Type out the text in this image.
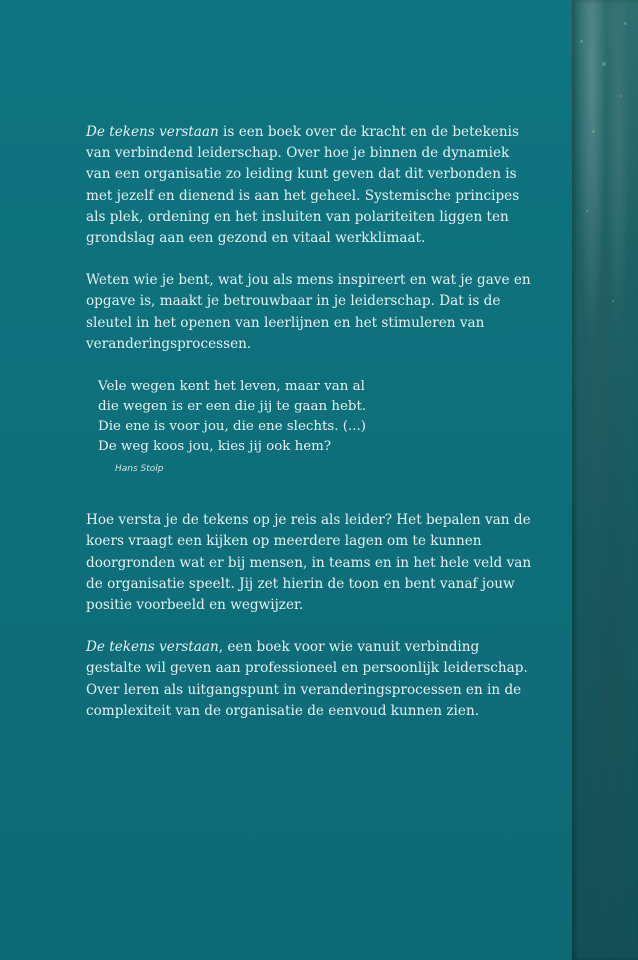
De tekens verstaan is een boek over de kracht en de betekenis van verbindend leiderschap. Over hoe je binnen de dynamiek van een organisatie zo leiding kunt geven dat dit verbonden is met jezelf en dienend is aan het geheel. Systemische principes als plek, ordening en het insluiten van polariteiten liggen ten grondslag aan een gezond en vitaal werkklimaat.

Weten wie je bent, wat jou als mens inspireert en wat je gave en opgave is, maakt je betrouwbaar in je leiderschap. Dat is de sleutel in het openen van leerlijnen en het stimuleren van veranderingsprocessen.

Vele wegen kent het leven, maar van al
die wegen is er een die jij te gaan hebt.
Die ene is voor jou, die ene slechts. (...)
De weg koos jou, kies jij ook hem?
Hans Stolp

Hoe versta je de tekens op je reis als leider? Het bepalen van de koers vraagt een kijken op meerdere lagen om te kunnen doorgronden wat er bij mensen, in teams en in het hele veld van de organisatie speelt. Jij zet hierin de toon en bent vanaf jouw positie voorbeeld en wegwijzer.

De tekens verstaan, een boek voor wie vanuit verbinding gestalte wil geven aan professioneel en persoonlijk leiderschap. Over leren als uitgangspunt in veranderingsprocessen en in de complexiteit van de organisatie de eenvoud kunnen zien.
